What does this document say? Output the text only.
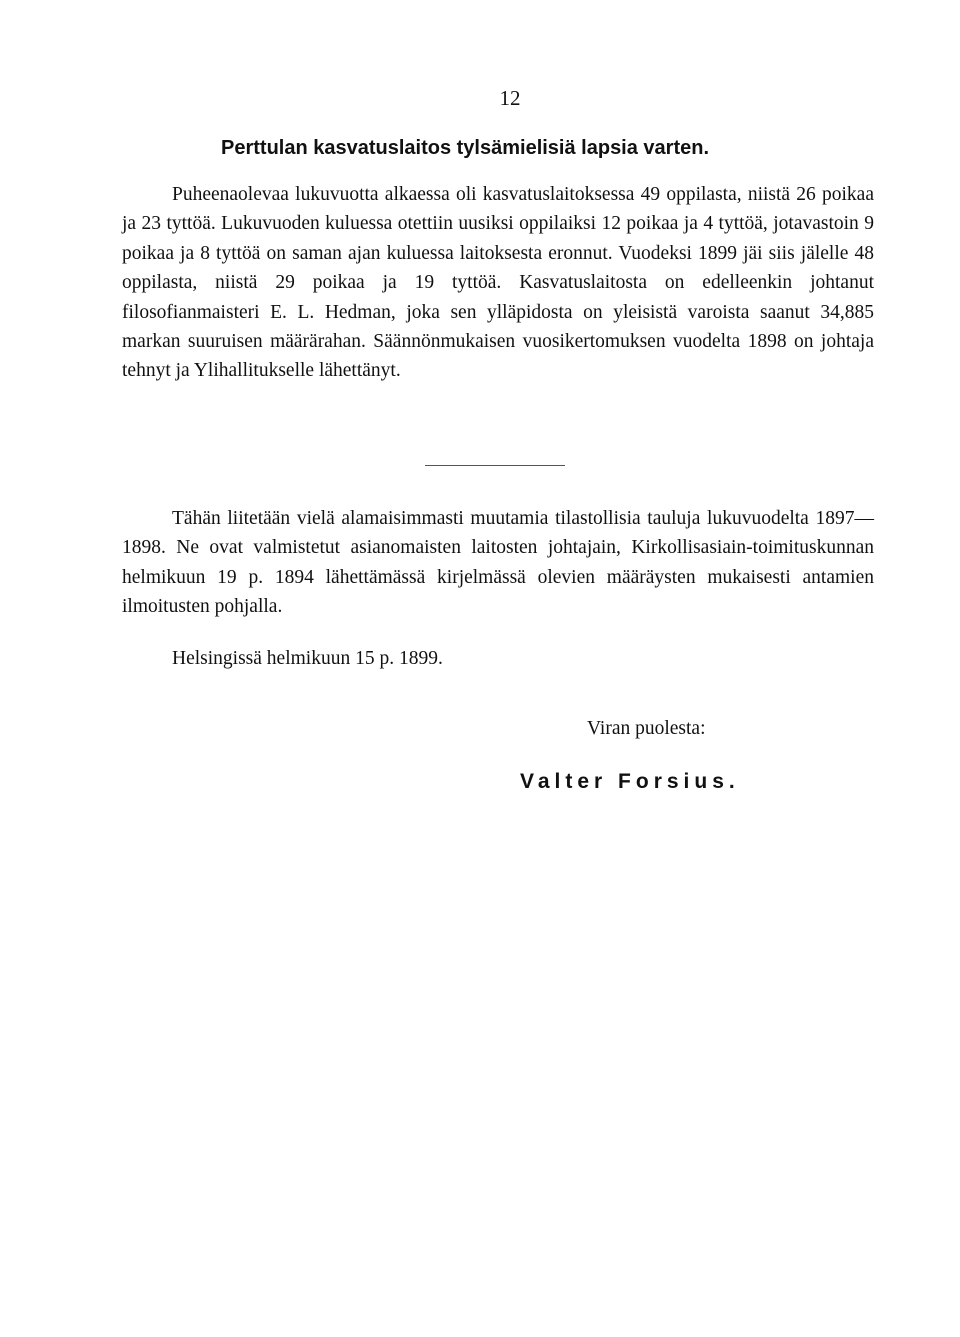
12
Perttulan kasvatuslaitos tylsämielisiä lapsia varten.

Puheenaolevaa lukuvuotta alkaessa oli kasvatuslaitoksessa 49 oppilasta, niistä 26 poikaa ja 23 tyttöä. Lukuvuoden kuluessa otettiin uusiksi oppilaiksi 12 poikaa ja 4 tyttöä, jotavastoin 9 poikaa ja 8 tyttöä on saman ajan kuluessa laitoksesta eronnut. Vuodeksi 1899 jäi siis jälelle 48 oppilasta, niistä 29 poikaa ja 19 tyttöä. Kasvatuslaitosta on edelleenkin johtanut filosofianmaisteri E. L. Hedman, joka sen ylläpidosta on yleisistä varoista saanut 34,885 markan suuruisen määrärahan. Säännönmukaisen vuosikertomuksen vuodelta 1898 on johtaja tehnyt ja Ylihallitukselle lähettänyt.

Tähän liitetään vielä alamaisimmasti muutamia tilastollisia tauluja lukuvuodelta 1897—1898. Ne ovat valmistetut asianomaisten laitosten johtajain, Kirkollisasiain-toimituskunnan helmikuun 19 p. 1894 lähettämässä kirjelmässä olevien määräysten mukaisesti antamien ilmoitusten pohjalla.

Helsingissä helmikuun 15 p. 1899.
Viran puolesta:
Valter Forsius.
